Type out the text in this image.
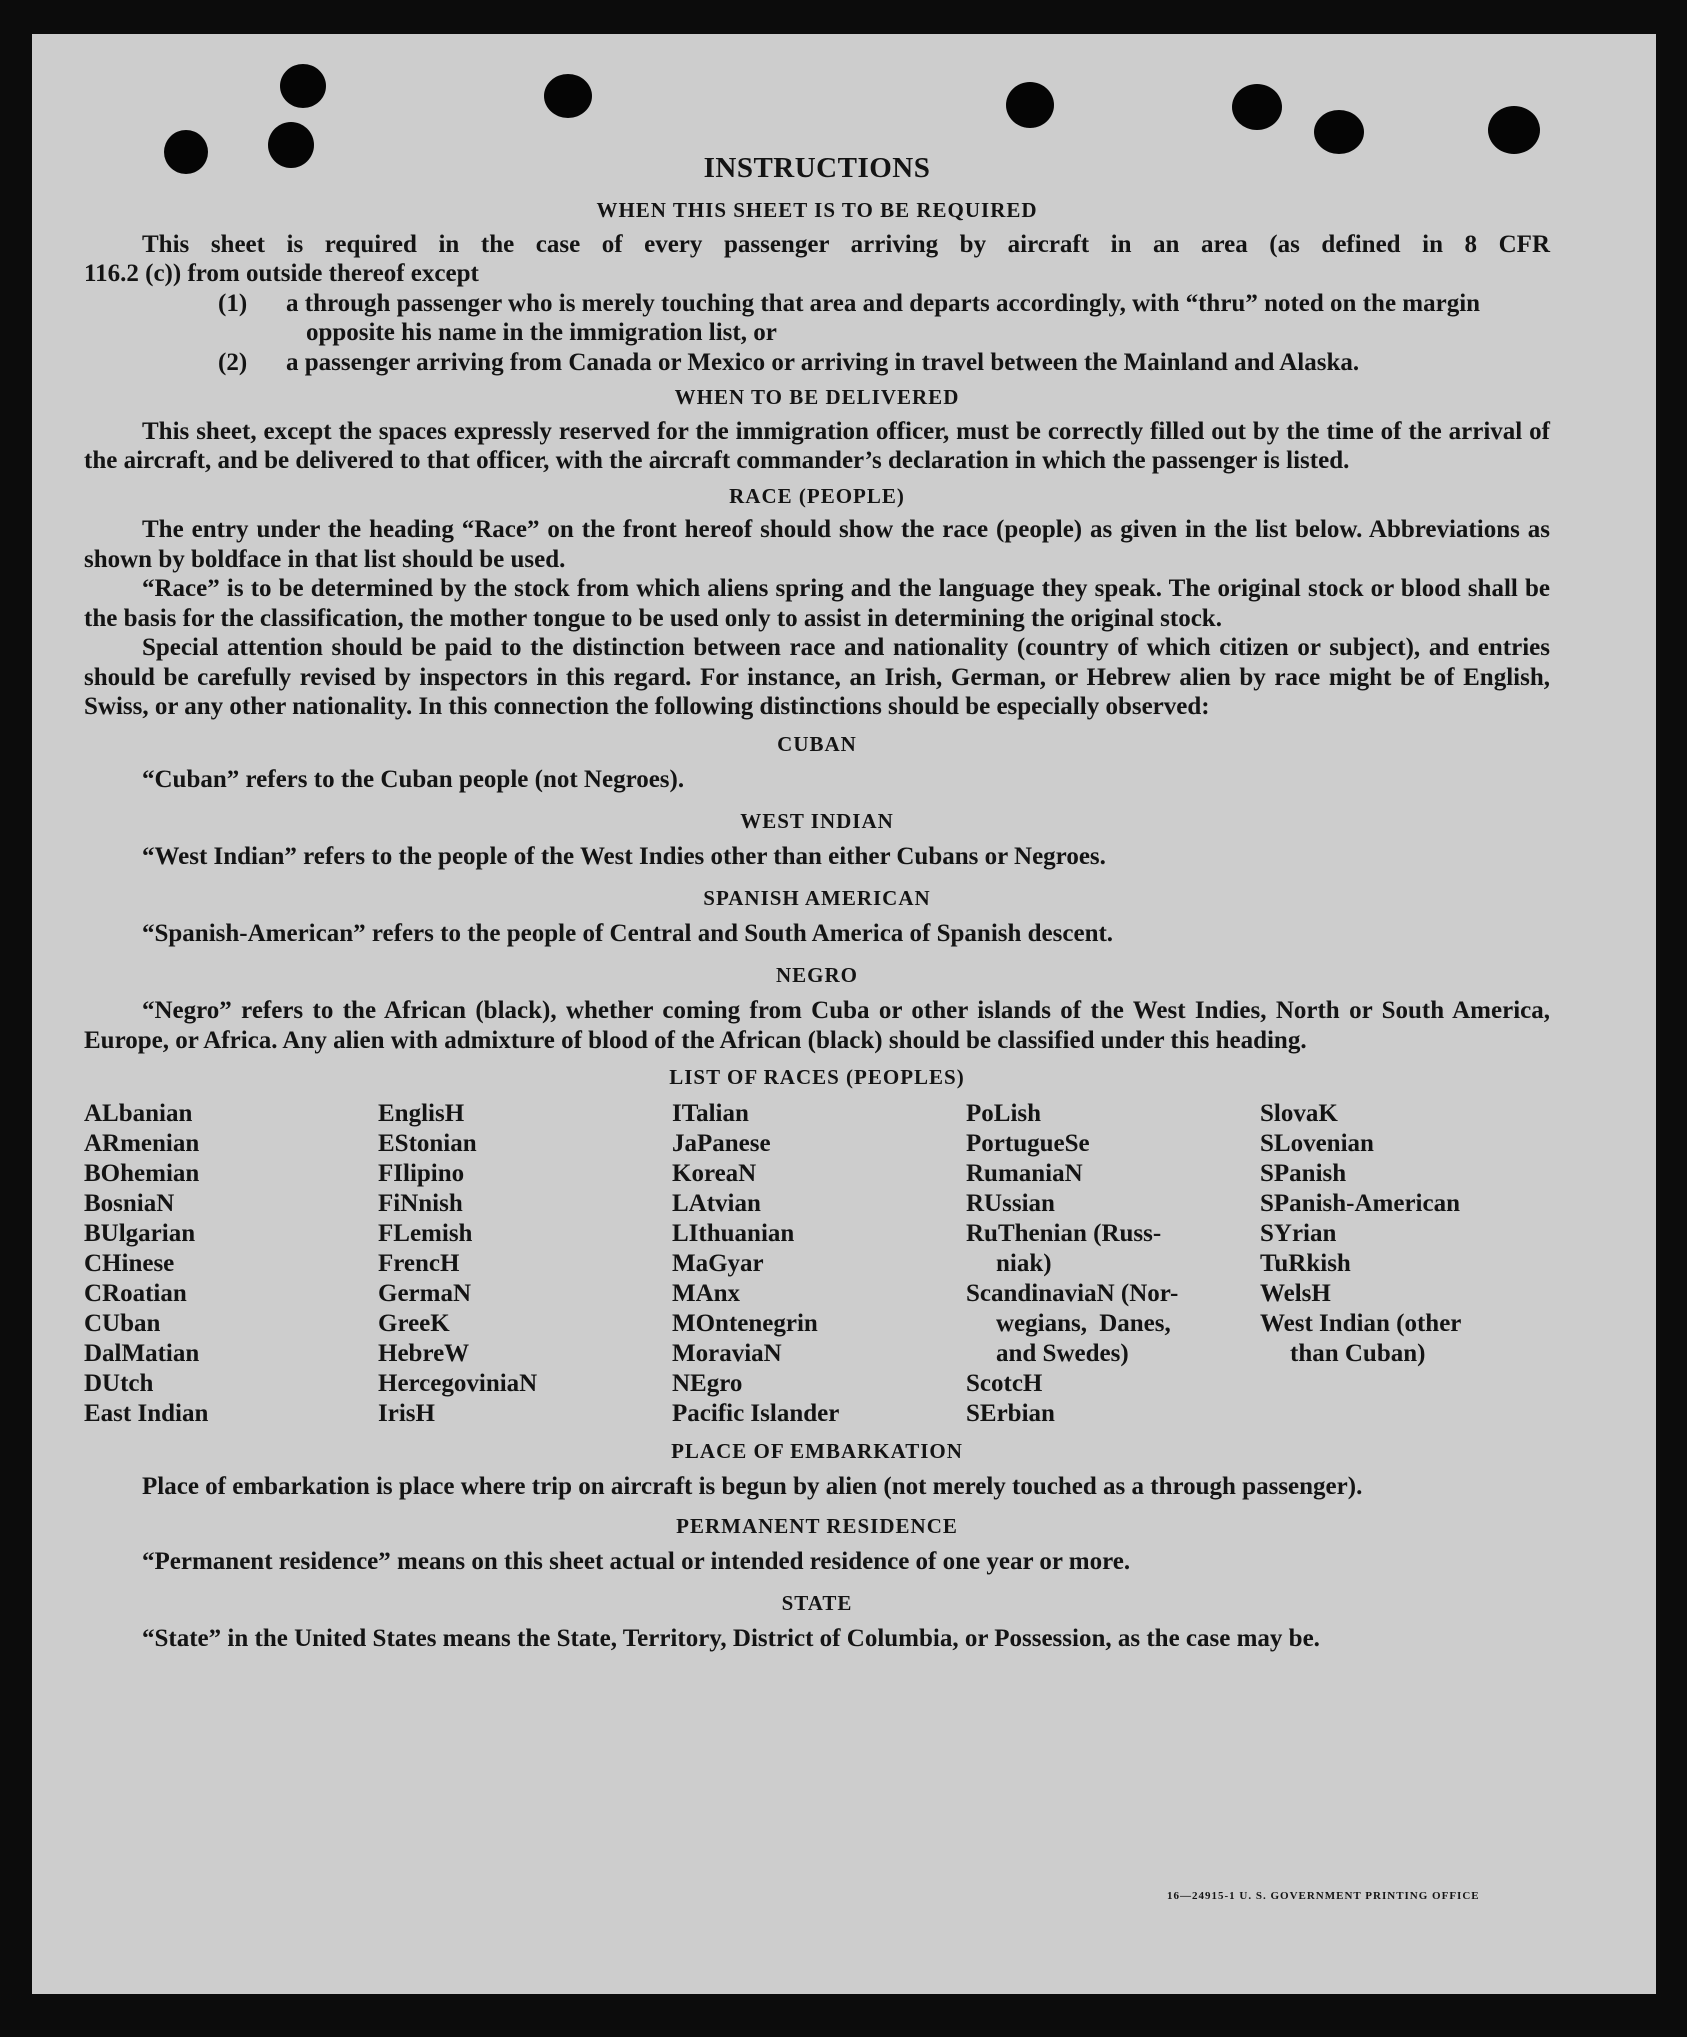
INSTRUCTIONS
WHEN THIS SHEET IS TO BE REQUIRED

This sheet is required in the case of every passenger arriving by aircraft in an area (as defined in 8 CFR

116.2 (c)) from outside thereof except

(1) a through passenger who is merely touching that area and departs accordingly, with “thru” noted on the margin opposite his name in the immigration list, or
(2) a passenger arriving from Canada or Mexico or arriving in travel between the Mainland and Alaska.
WHEN TO BE DELIVERED

This sheet, except the spaces expressly reserved for the immigration officer, must be correctly filled out by the time of the arrival of the aircraft, and be delivered to that officer, with the aircraft commander’s declaration in which the passenger is listed.

RACE (PEOPLE)

The entry under the heading “Race” on the front hereof should show the race (people) as given in the list below. Abbreviations as shown by boldface in that list should be used.

“Race” is to be determined by the stock from which aliens spring and the language they speak. The original stock or blood shall be the basis for the classification, the mother tongue to be used only to assist in determining the original stock.

Special attention should be paid to the distinction between race and nationality (country of which citizen or subject), and entries should be carefully revised by inspectors in this regard. For instance, an Irish, German, or Hebrew alien by race might be of English, Swiss, or any other nationality. In this connection the following distinctions should be especially observed:

CUBAN

“Cuban” refers to the Cuban people (not Negroes).

WEST INDIAN

“West Indian” refers to the people of the West Indies other than either Cubans or Negroes.

SPANISH AMERICAN

“Spanish-American” refers to the people of Central and South America of Spanish descent.

NEGRO

“Negro” refers to the African (black), whether coming from Cuba or other islands of the West Indies, North or South America, Europe, or Africa. Any alien with admixture of blood of the African (black) should be classified under this heading.

LIST OF RACES (PEOPLES)
ALbanian
ARmenian
BOhemian
BosniaN
BUlgarian
CHinese
CRoatian
CUban
DalMatian
DUtch
East Indian
EnglisH
EStonian
FIlipino
FiNnish
FLemish
FrencH
GermaN
GreeK
HebreW
HercegoviniaN
IrisH
ITalian
JaPanese
KoreaN
LAtvian
LIthuanian
MaGyar
MAnx
MOntenegrin
MoraviaN
NEgro
Pacific Islander
PoLish
PortugueSe
RumaniaN
RUssian
RuThenian (Russ-
niak)
ScandinaviaN (Nor-
wegians, Danes,
and Swedes)
ScotcH
SErbian
SlovaK
SLovenian
SPanish
SPanish-American
SYrian
TuRkish
WelsH
West Indian (other
than Cuban)
PLACE OF EMBARKATION

Place of embarkation is place where trip on aircraft is begun by alien (not merely touched as a through passenger).

PERMANENT RESIDENCE

“Permanent residence” means on this sheet actual or intended residence of one year or more.

STATE

“State” in the United States means the State, Territory, District of Columbia, or Possession, as the case may be.

16—24915-1 U. S. GOVERNMENT PRINTING OFFICE
